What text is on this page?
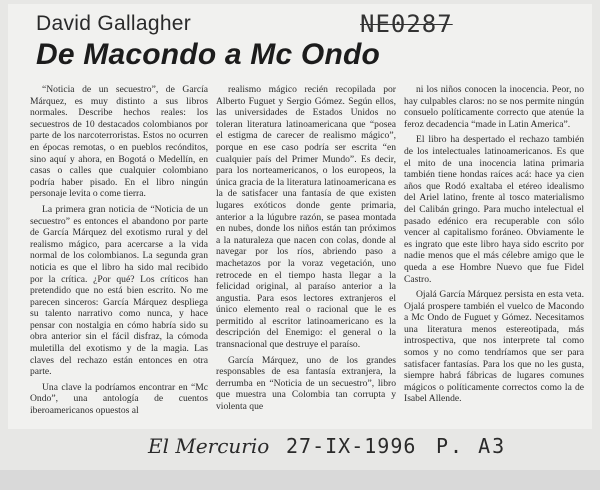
David Gallagher	NE0287
De Macondo a Mc Ondo

“Noticia de un secuestro”, de García Márquez, es muy distinto a sus libros normales. Describe hechos reales: los secuestros de 10 destacados colombianos por parte de los narcoterroristas. Estos no ocurren en épocas remotas, o en pueblos recónditos, sino aquí y ahora, en Bogotá o Medellín, en casas o calles que cualquier colombiano podría haber pisado. En el libro ningún personaje levita o come tierra.

La primera gran noticia de “Noticia de un secuestro” es entonces el abandono por parte de García Márquez del exotismo rural y del realismo mágico, para acercarse a la vida normal de los colombianos. La segunda gran noticia es que el libro ha sido mal recibido por la crítica. ¿Por qué? Los críticos han pretendido que no está bien escrito. No me parecen sinceros: García Márquez despliega su talento narrativo como nunca, y hace pensar con nostalgia en cómo habría sido su obra anterior sin el fácil disfraz, la cómoda muletilla del exotismo y de la magia. Las claves del rechazo están entonces en otra parte.

Una clave la podríamos encontrar en “Mc Ondo”, una antología de cuentos iberoamericanos opuestos al

realismo mágico recién recopilada por Alberto Fuguet y Sergio Gómez. Según ellos, las universidades de Estados Unidos no toleran literatura latinoamericana que “posea el estigma de carecer de realismo mágico”, porque en ese caso podría ser escrita “en cualquier país del Primer Mundo”. Es decir, para los norteamericanos, o los europeos, la única gracia de la literatura latinoamericana es la de satisfacer una fantasía de que existen lugares exóticos donde gente primaria, anterior a la lúgubre razón, se pasea montada en nubes, donde los niños están tan próximos a la naturaleza que nacen con colas, donde al navegar por los ríos, abriendo paso a machetazos por la voraz vegetación, uno retrocede en el tiempo hasta llegar a la felicidad original, al paraíso anterior a la angustia. Para esos lectores extranjeros el único elemento real o racional que le es permitido al escritor latinoamericano es la descripción del Enemigo: el general o la transnacional que destruye el paraíso.

García Márquez, uno de los grandes responsables de esa fantasía extranjera, la derrumba en “Noticia de un secuestro”, libro que muestra una Colombia tan corrupta y violenta que

ni los niños conocen la inocencia. Peor, no hay culpables claros: no se nos permite ningún consuelo políticamente correcto que atenúe la feroz decadencia “made in Latin America”.

El libro ha despertado el rechazo también de los intelectuales latinoamericanos. Es que el mito de una inocencia latina primaria también tiene hondas raíces acá: hace ya cien años que Rodó exaltaba el etéreo idealismo del Ariel latino, frente al tosco materialismo del Calibán gringo. Para mucho intelectual el pasado edénico era recuperable con sólo vencer al capitalismo foráneo. Obviamente le es ingrato que este libro haya sido escrito por nadie menos que el más célebre amigo que le queda a ese Hombre Nuevo que fue Fidel Castro.

Ojalá García Márquez persista en esta veta. Ojalá prospere también el vuelco de Macondo a Mc Ondo de Fuguet y Gómez. Necesitamos una literatura menos estereotipada, más introspectiva, que nos interprete tal como somos y no como tendríamos que ser para satisfacer fantasías. Para los que no les gusta, siempre habrá fábricas de lugares comunes mágicos o políticamente correctos como la de Isabel Allende.

El Mercurio 27-IX-1996 P. A3
